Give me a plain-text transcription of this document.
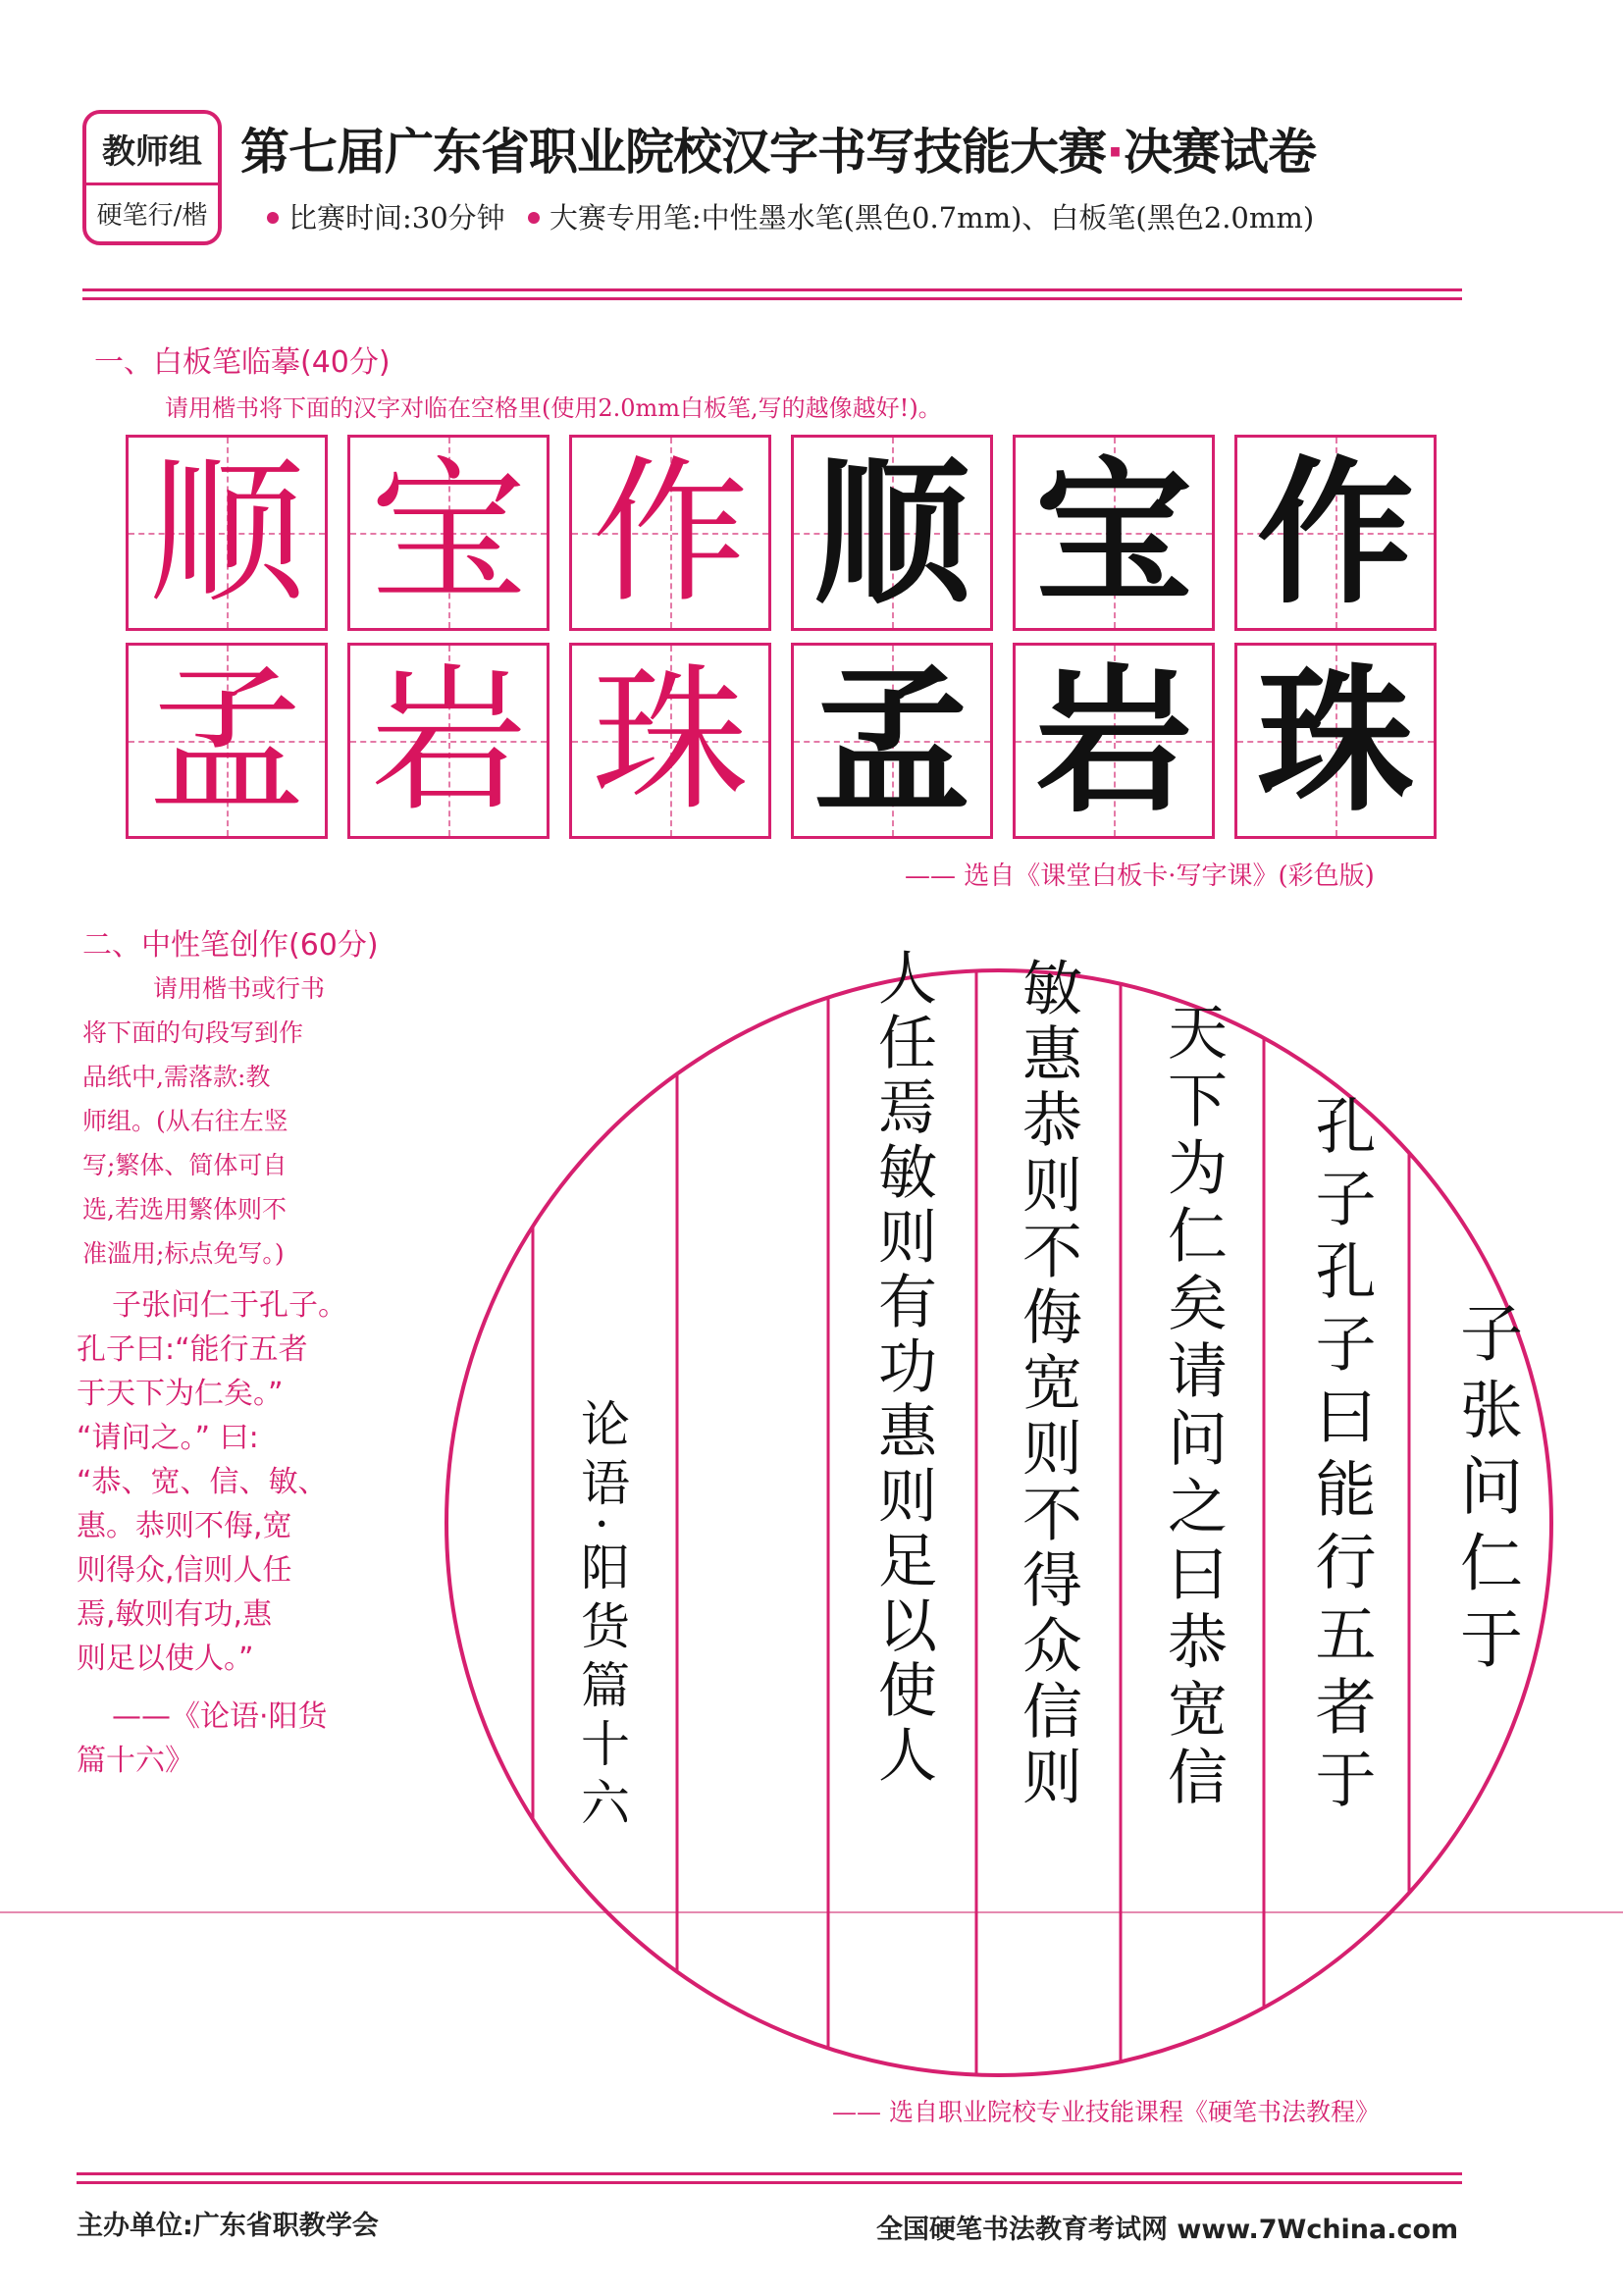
教师组
硬笔行/楷
第七届广东省职业院校汉字书写技能大赛·决赛试卷
比赛时间:30分钟 大赛专用笔:中性墨水笔(黑色0.7mm)、白板笔(黑色2.0mm)
一、白板笔临摹(40分)
请用楷书将下面的汉字对临在空格里(使用2.0mm白板笔,写的越像越好!)。
顺 宝 作 顺 宝 作
孟 岩 珠 孟 岩 珠
—— 选自《课堂白板卡·写字课》(彩色版)
二、中性笔创作(60分)
请用楷书或行书
将下面的句段写到作
品纸中,需落款:教
师组。(从右往左竖
写;繁体、简体可自
选,若选用繁体则不
准滥用;标点免写。)
子张问仁于孔子。
孔子曰:“能行五者
于天下为仁矣。”
“请问之。” 曰:
“恭、宽、信、敏、
惠。恭则不侮,宽
则得众,信则人任
焉,敏则有功,惠
则足以使人。”
——《论语·阳货
篇十六》
子张问仁于
孔子孔子曰能行五者于
天下为仁矣请问之曰恭宽信
敏惠恭则不侮宽则不得众信则
人任焉敏则有功惠则足以使人
论语·阳货篇十六
—— 选自职业院校专业技能课程《硬笔书法教程》
主办单位:广东省职教学会	全国硬笔书法教育考试网 www.7Wchina.com
